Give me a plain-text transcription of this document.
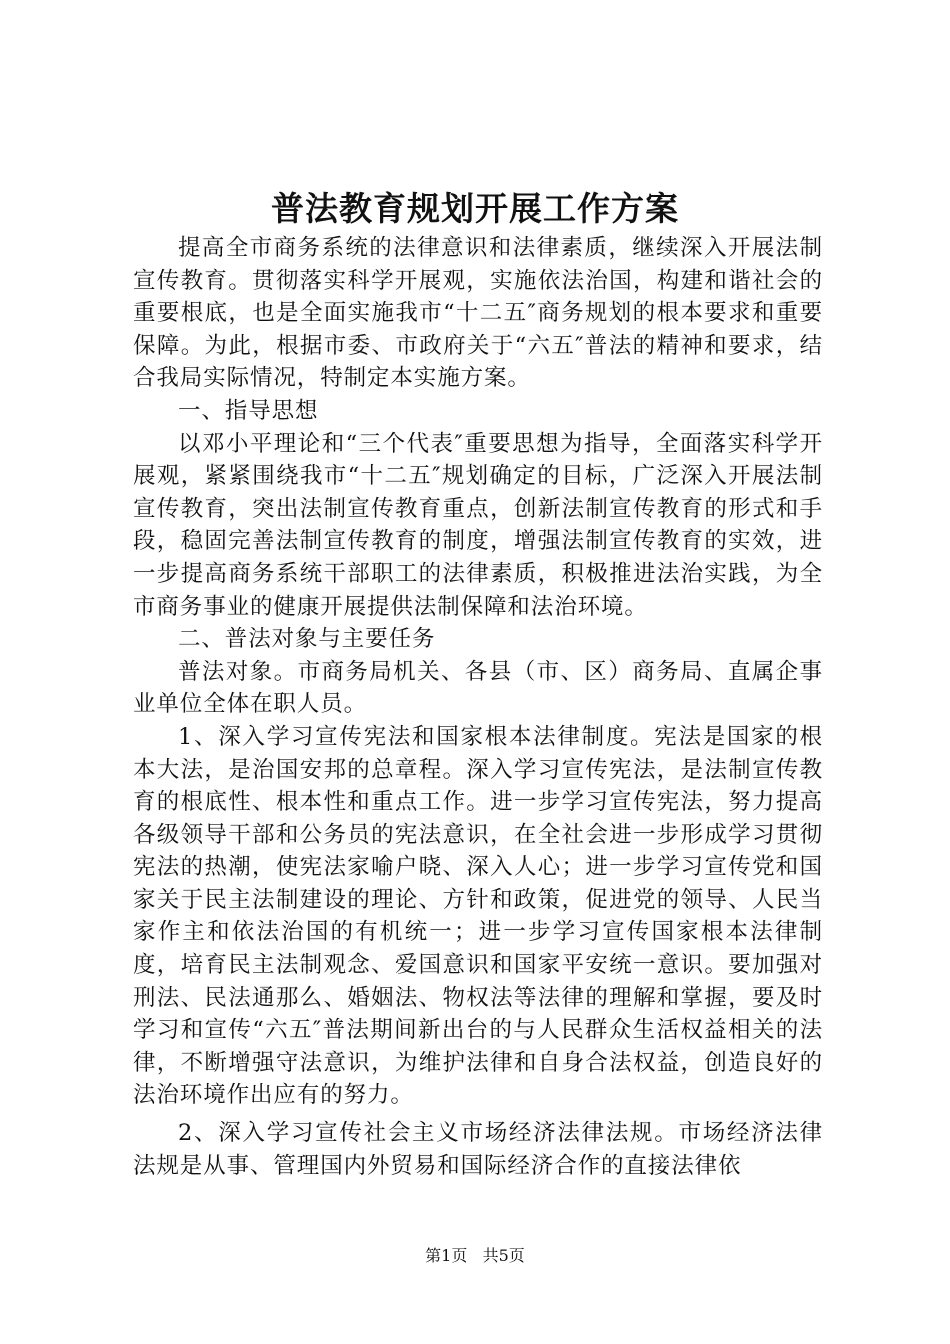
普法教育规划开展工作方案

提高全市商务系统的法律意识和法律素质，继续深入开展法制宣传教育。贯彻落实科学开展观，实施依法治国，构建和谐社会的重要根底，也是全面实施我市“十二五″商务规划的根本要求和重要保障。为此，根据市委、市政府关于“六五″普法的精神和要求，结合我局实际情况，特制定本实施方案。

一、指导思想

以邓小平理论和“三个代表″重要思想为指导，全面落实科学开展观，紧紧围绕我市“十二五″规划确定的目标，广泛深入开展法制宣传教育，突出法制宣传教育重点，创新法制宣传教育的形式和手段，稳固完善法制宣传教育的制度，增强法制宣传教育的实效，进一步提高商务系统干部职工的法律素质，积极推进法治实践，为全市商务事业的健康开展提供法制保障和法治环境。

二、普法对象与主要任务

普法对象。市商务局机关、各县（市、区）商务局、直属企事业单位全体在职人员。

1、深入学习宣传宪法和国家根本法律制度。宪法是国家的根本大法，是治国安邦的总章程。深入学习宣传宪法，是法制宣传教育的根底性、根本性和重点工作。进一步学习宣传宪法，努力提高各级领导干部和公务员的宪法意识，在全社会进一步形成学习贯彻宪法的热潮，使宪法家喻户晓、深入人心；进一步学习宣传党和国家关于民主法制建设的理论、方针和政策，促进党的领导、人民当家作主和依法治国的有机统一；进一步学习宣传国家根本法律制度，培育民主法制观念、爱国意识和国家平安统一意识。要加强对刑法、民法通那么、婚姻法、物权法等法律的理解和掌握，要及时学习和宣传“六五″普法期间新出台的与人民群众生活权益相关的法律，不断增强守法意识，为维护法律和自身合法权益，创造良好的法治环境作出应有的努力。

2、深入学习宣传社会主义市场经济法律法规。市场经济法律法规是从事、管理国内外贸易和国际经济合作的直接法律依

第1页 共5页
